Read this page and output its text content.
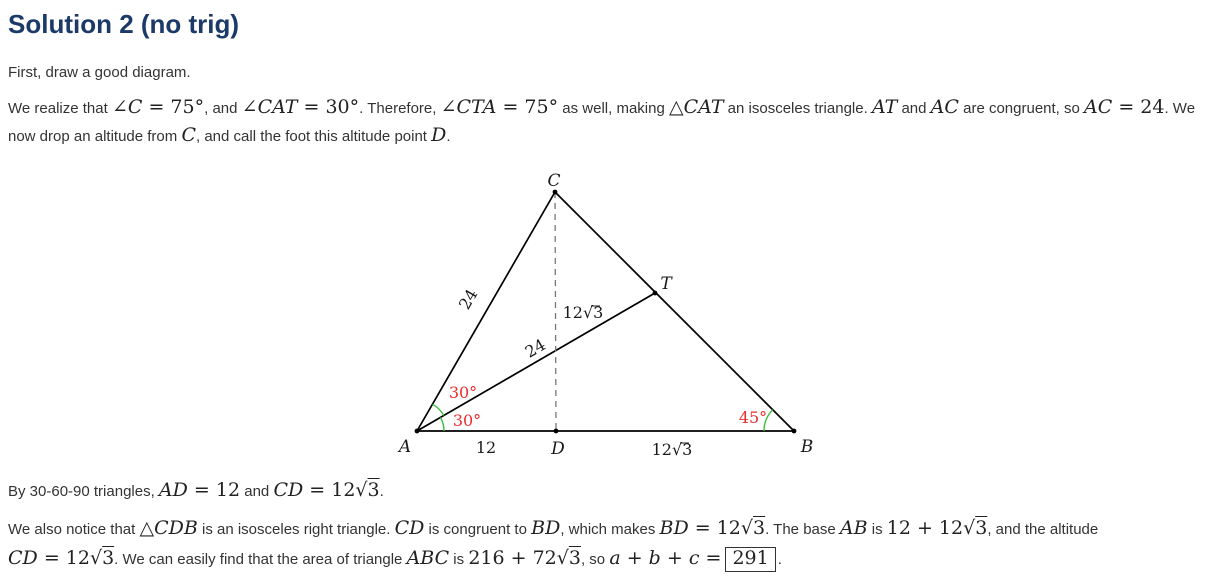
Solution 2 (no trig)

First, draw a good diagram.

We realize that ∠C = 75°, and ∠CAT = 30°. Therefore, ∠CTA = 75° as well, making △CAT an isosceles triangle. AT and AC are congruent, so AC = 24. We now drop an altitude from C, and call the foot this altitude point D.

A	B
C
D
T
24
24
12√3
12	12√3
30°
30°	45°

By 30-60-90 triangles, AD = 12 and CD = 12√3.

We also notice that △CDB is an isosceles right triangle. CD is congruent to BD, which makes BD = 12√3. The base AB is 12 + 12√3, and the altitude CD = 12√3. We can easily find that the area of triangle ABC is 216 + 72√3, so a + b + c = 291 .
